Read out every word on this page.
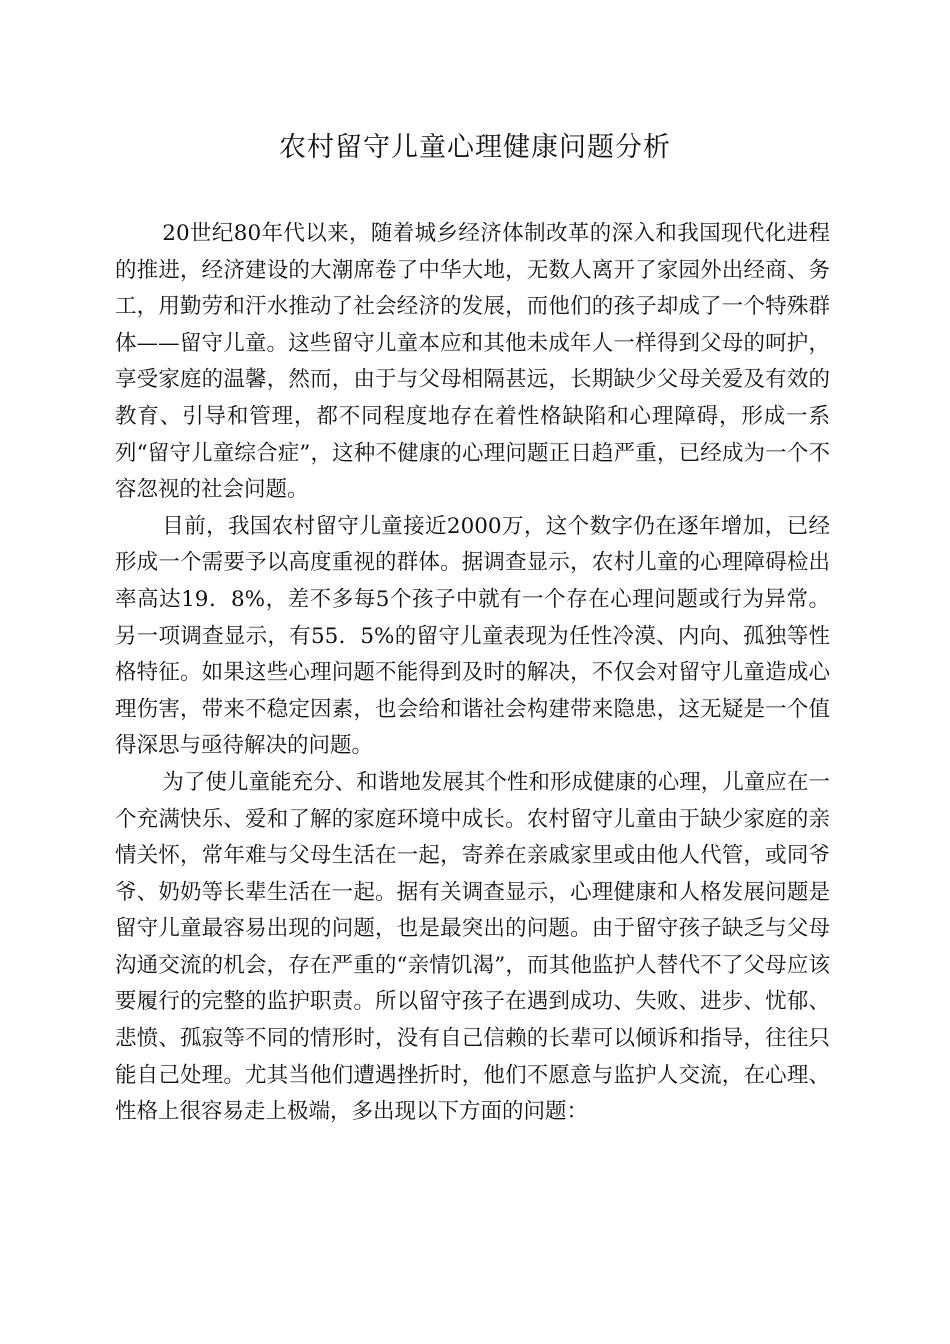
农村留守儿童心理健康问题分析

20世纪80年代以来，随着城乡经济体制改革的深入和我国现代化进程的推进，经济建设的大潮席卷了中华大地，无数人离开了家园外出经商、务工，用勤劳和汗水推动了社会经济的发展，而他们的孩子却成了一个特殊群体——留守儿童。这些留守儿童本应和其他未成年人一样得到父母的呵护，享受家庭的温馨，然而，由于与父母相隔甚远，长期缺少父母关爱及有效的教育、引导和管理，都不同程度地存在着性格缺陷和心理障碍，形成一系列“留守儿童综合症”，这种不健康的心理问题正日趋严重，已经成为一个不容忽视的社会问题。

目前，我国农村留守儿童接近2000万，这个数字仍在逐年增加，已经形成一个需要予以高度重视的群体。据调查显示，农村儿童的心理障碍检出率高达19．8%，差不多每5个孩子中就有一个存在心理问题或行为异常。另一项调查显示，有55．5%的留守儿童表现为任性冷漠、内向、孤独等性格特征。如果这些心理问题不能得到及时的解决，不仅会对留守儿童造成心理伤害，带来不稳定因素，也会给和谐社会构建带来隐患，这无疑是一个值得深思与亟待解决的问题。

为了使儿童能充分、和谐地发展其个性和形成健康的心理，儿童应在一个充满快乐、爱和了解的家庭环境中成长。农村留守儿童由于缺少家庭的亲情关怀，常年难与父母生活在一起，寄养在亲戚家里或由他人代管，或同爷爷、奶奶等长辈生活在一起。据有关调查显示，心理健康和人格发展问题是留守儿童最容易出现的问题，也是最突出的问题。由于留守孩子缺乏与父母沟通交流的机会，存在严重的“亲情饥渴”，而其他监护人替代不了父母应该要履行的完整的监护职责。所以留守孩子在遇到成功、失败、进步、忧郁、悲愤、孤寂等不同的情形时，没有自己信赖的长辈可以倾诉和指导，往往只能自己处理。尤其当他们遭遇挫折时，他们不愿意与监护人交流，在心理、性格上很容易走上极端，多出现以下方面的问题：
